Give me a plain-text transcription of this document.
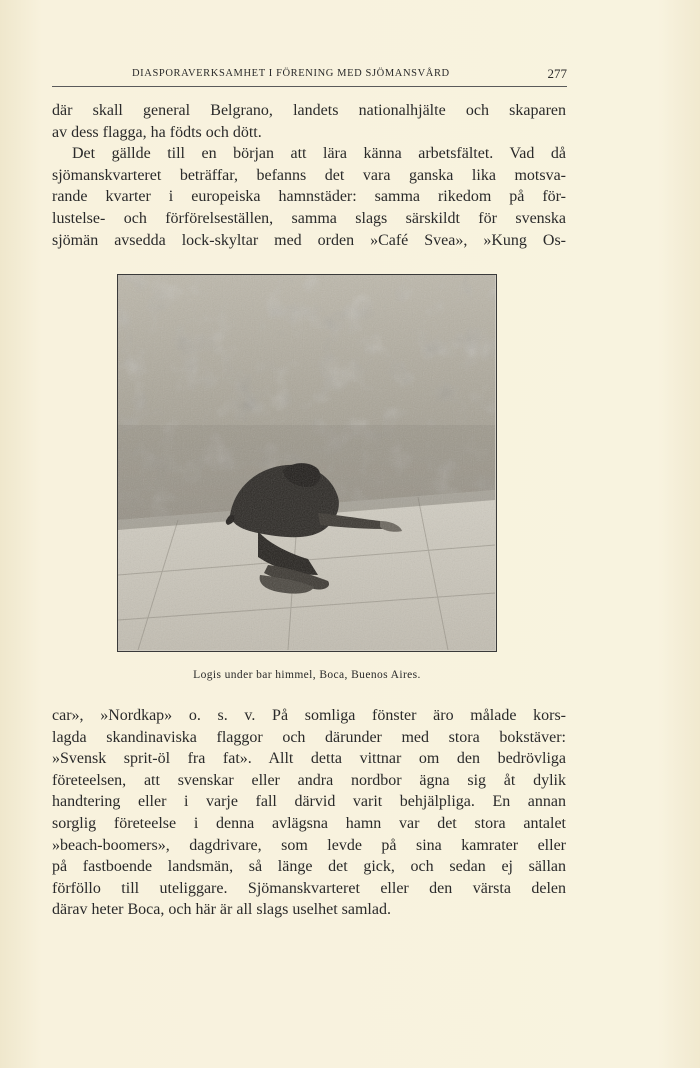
DIASPORAVERKSAMHET I FÖRENING MED SJÖMANSVÅRD	277
där skall general Belgrano, landets nationalhjälte och skaparen
av dess flagga, ha födts och dött.
Det gällde till en början att lära känna arbetsfältet. Vad då
sjömanskvarteret beträffar, befanns det vara ganska lika motsva-
rande kvarter i europeiska hamnstäder: samma rikedom på för-
lustelse- och förförelseställen, samma slags särskildt för svenska
sjömän avsedda lock-skyltar med orden »Café Svea», »Kung Os-
Logis under bar himmel, Boca, Buenos Aires.
car», »Nordkap» o. s. v. På somliga fönster äro målade kors-
lagda skandinaviska flaggor och därunder med stora bokstäver:
»Svensk sprit-öl fra fat». Allt detta vittnar om den bedrövliga
företeelsen, att svenskar eller andra nordbor ägna sig åt dylik
handtering eller i varje fall därvid varit behjälpliga. En annan
sorglig företeelse i denna avlägsna hamn var det stora antalet
»beach-boomers», dagdrivare, som levde på sina kamrater eller
på fastboende landsmän, så länge det gick, och sedan ej sällan
förföllo till uteliggare. Sjömanskvarteret eller den värsta delen
därav heter Boca, och här är all slags uselhet samlad.
